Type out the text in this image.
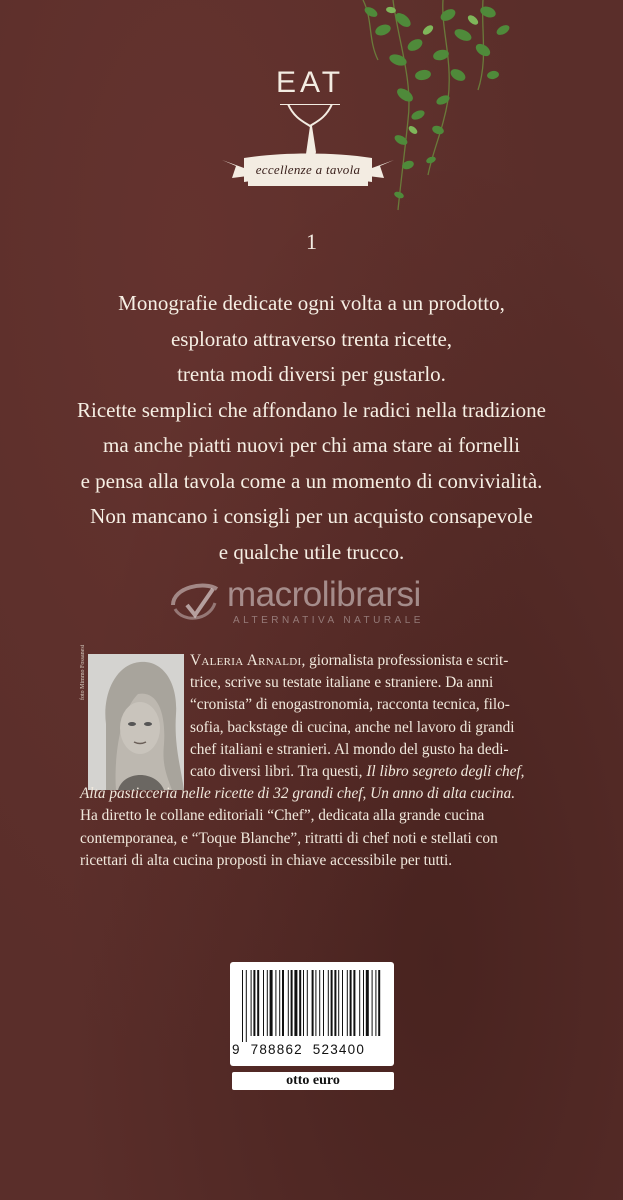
EAT
eccellenze a tavola
1

Monografie dedicate ogni volta a un prodotto,

esplorato attraverso trenta ricette,

trenta modi diversi per gustarlo.

Ricette semplici che affondano le radici nella tradizione

ma anche piatti nuovi per chi ama stare ai fornelli

e pensa alla tavola come a un momento di convivialità.

Non mancano i consigli per un acquisto consapevole

e qualche utile trucco.

macrolibrarsi
ALTERNATIVA NATURALE
foto Mimmo Fossanesi	Valeria Arnaldi, giornalista professionista e scrit-
trice, scrive su testate italiane e straniere. Da anni
“cronista” di enogastronomia, racconta tecnica, filo-
sofia, backstage di cucina, anche nel lavoro di grandi
chef italiani e stranieri. Al mondo del gusto ha dedi-
cato diversi libri. Tra questi, Il libro segreto degli chef,
Alta pasticceria nelle ricette di 32 grandi chef, Un anno di alta cucina.
Ha diretto le collane editoriali “Chef”, dedicata alla grande cucina
contemporanea, e “Toque Blanche”, ritratti di chef noti e stellati con
ricettari di alta cucina proposti in chiave accessibile per tutti.
9 788862 523400
otto euro
